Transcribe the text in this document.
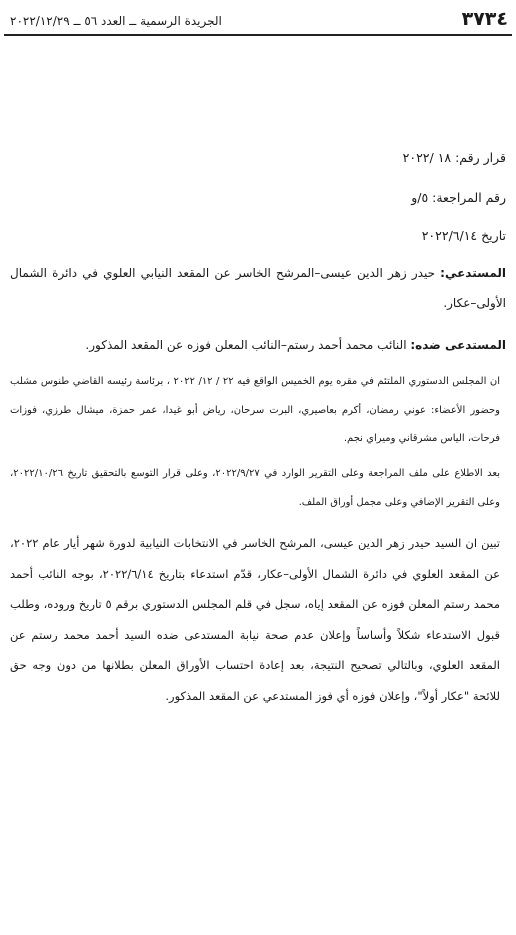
٣٧٣٤
الجريدة الرسمية ــ العدد ٥٦ ــ ٢٠٢٢/١٢/٢٩
قرار رقم: ١٨ /٢٠٢٢
رقم المراجعة: ٥/و
تاريخ ٢٠٢٢/٦/١٤
المستدعي: حيدر زهر الدين عيسى–المرشح الخاسر عن المقعد النيابي العلوي في دائرة الشمال الأولى–عكار.
المستدعى ضده: النائب محمد أحمد رستم–النائب المعلن فوزه عن المقعد المذكور.
ان المجلس الدستوري الملتئم في مقره يوم الخميس الواقع فيه ٢٢ / ١٢/ ٢٠٢٢ ، برئاسة رئيسه القاضي طنوس مشلب وحضور الأعضاء: عوني رمضان، أكرم بعاصيري، البرت سرحان، رياض أبو غيدا، عمر حمزة، ميشال طرزي، فوزات فرحات، الياس مشرقاني وميراي نجم.
بعد الاطلاع على ملف المراجعة وعلى التقرير الوارد في ٢٠٢٢/٩/٢٧، وعلى قرار التوسع بالتحقيق تاريخ ٢٠٢٢/١٠/٢٦، وعلى التقرير الإضافي وعلى مجمل أوراق الملف.
تبين ان السيد حيدر زهر الدين عيسى، المرشح الخاسر في الانتخابات النيابية لدورة شهر أيار عام ٢٠٢٢، عن المقعد العلوي في دائرة الشمال الأولى–عكار، قدّم استدعاء بتاريخ ٢٠٢٢/٦/١٤، بوجه النائب أحمد محمد رستم المعلن فوزه عن المقعد إياه، سجل في قلم المجلس الدستوري برقم ٥ تاريخ وروده، وطلب قبول الاستدعاء شكلاً وأساساً وإعلان عدم صحة نيابة المستدعى ضده السيد أحمد محمد رستم عن المقعد العلوي، وبالتالي تصحيح النتيجة، بعد إعادة احتساب الأوراق المعلن بطلانها من دون وجه حق للائحة "عكار أولاً"، وإعلان فوزه أي فوز المستدعي عن المقعد المذكور.
